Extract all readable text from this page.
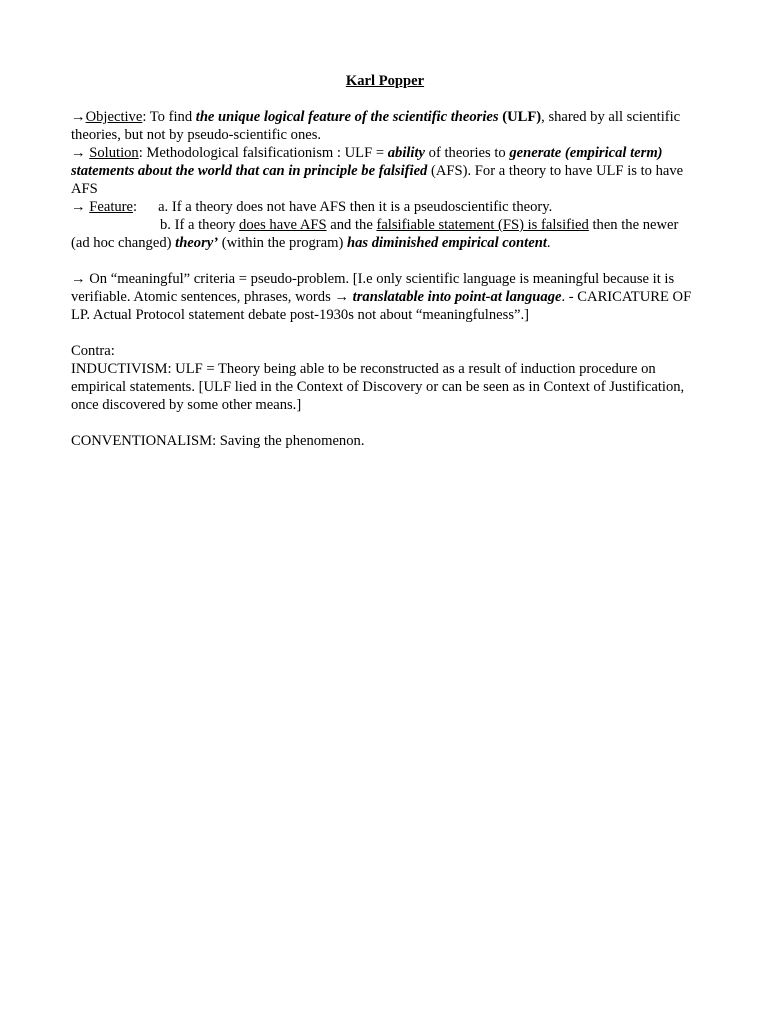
Karl Popper

→Objective: To find the unique logical feature of the scientific theories (ULF), shared by all scientific theories, but not by pseudo-scientific ones.

→ Solution: Methodological falsificationism : ULF = ability of theories to generate (empirical term) statements about the world that can in principle be falsified (AFS). For a theory to have ULF is to have AFS

→ Feature: a. If a theory does not have AFS then it is a pseudoscientific theory.

b. If a theory does have AFS and the falsifiable statement (FS) is falsified then the newer (ad hoc changed) theory’ (within the program) has diminished empirical content.

→ On “meaningful” criteria = pseudo-problem. [I.e only scientific language is meaningful because it is verifiable. Atomic sentences, phrases, words → translatable into point-at language. - CARICATURE OF LP. Actual Protocol statement debate post-1930s not about “meaningfulness”.]

Contra:

INDUCTIVISM: ULF = Theory being able to be reconstructed as a result of induction procedure on empirical statements. [ULF lied in the Context of Discovery or can be seen as in Context of Justification, once discovered by some other means.]

CONVENTIONALISM: Saving the phenomenon.
